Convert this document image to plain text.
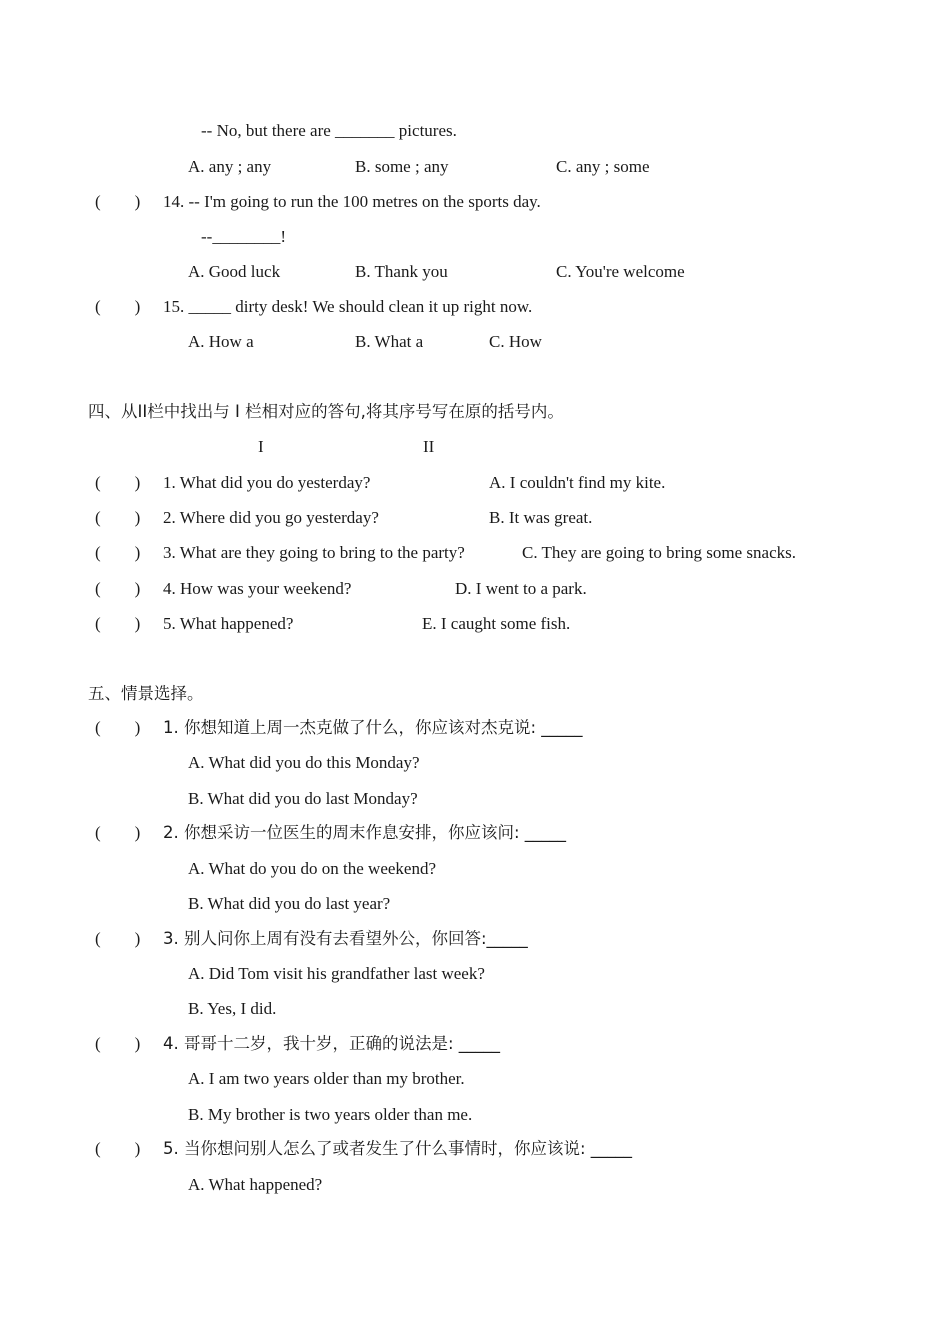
-- No, but there are _______ pictures.
A. any ; any	B. some ; any	C. any ; some
(        ) 14. -- I'm going to run the 100 metres on the sports day.
--________!
A. Good luck	B. Thank you	C. You're welcome
(        ) 15. _____ dirty desk! We should clean it up right now.
A. How a	B. What a	C. How
四、从II栏中找出与 I 栏相对应的答句,将其序号写在原的括号内。
I	II
(        ) 1. What did you do yesterday?	A. I couldn't find my kite.
(        ) 2. Where did you go yesterday?	B. It was great.
(        ) 3. What are they going to bring to the party?	C. They are going to bring some snacks.
(        ) 4. How was your weekend?	D. I went to a park.
(        ) 5. What happened?	E. I caught some fish.
五、情景选择。
(        ) 1. 你想知道上周一杰克做了什么，你应该对杰克说: _____
A. What did you do this Monday?
B. What did you do last Monday?
(        ) 2. 你想采访一位医生的周末作息安排，你应该问: _____
A. What do you do on the weekend?
B. What did you do last year?
(        ) 3. 别人问你上周有没有去看望外公，你回答:_____
A. Did Tom visit his grandfather last week?
B. Yes, I did.
(        ) 4. 哥哥十二岁，我十岁，正确的说法是: _____
A. I am two years older than my brother.
B. My brother is two years older than me.
(        ) 5. 当你想问别人怎么了或者发生了什么事情时，你应该说: _____
A. What happened?
